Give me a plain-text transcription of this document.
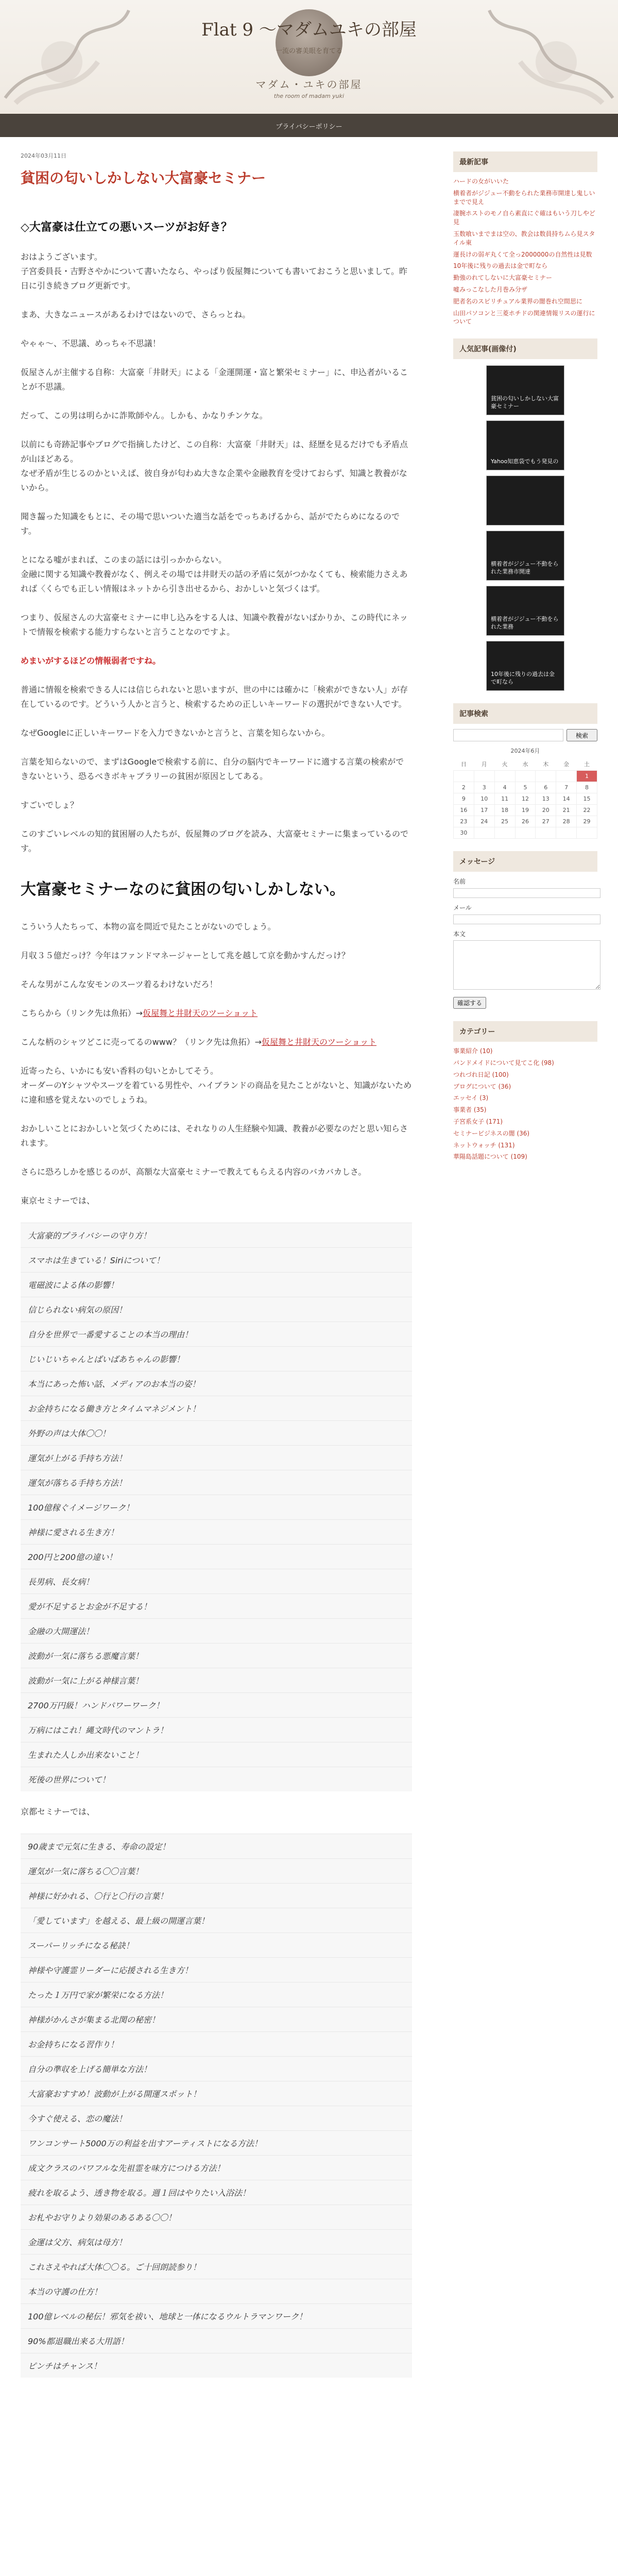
Flat 9 〜マダムユキの部屋
一流の審美眼を育てる
マダム・ユキの部屋
the room of madam yuki
プライバシーポリシー
2024年03月11日
貧困の匂いしかしない大富豪セミナー
◇大富豪は仕立ての悪いスーツがお好き？

おはようございます。
子宮委員長・吉野さやかについて書いたなら、やっぱり仮屋舞についても書いておこうと思いまして。昨日に引き続きブログ更新です。

まあ、大きなニュースがあるわけではないので、さらっとね。

やゃゃ～、不思議、めっちゃ不思議！

仮屋さんが主催する自称：大富豪「井財天」による「金運開運・富と繁栄セミナー」に、申込者がいることが不思議。

だって、この男は明らかに詐欺師やん。しかも、かなりチンケな。

以前にも奇跡記事やブログで指摘したけど、この自称：大富豪「井財天」は、経歴を見るだけでも矛盾点が山ほどある。
なぜ矛盾が生じるのかといえば、彼自身が匂わぬ大きな企業や金融教育を受けておらず、知識と教養がないから。

聞き齧った知識をもとに、その場で思いついた適当な話をでっちあげるから、話がでたらめになるのです。

とになる嘘がまれば、このまの話には引っかからない。
金融に関する知識や教養がなく、例えその場では井財天の話の矛盾に気がつかなくても、検索能力さえあれば〈くらでも正しい情報はネットから引き出せるから、おかしいと気づくはず。

つまり、仮屋さんの大富豪セミナーに申し込みをする人は、知識や教養がないばかりか、この時代にネットで情報を検索する能力すらないと言うことなのですよ。

めまいがするほどの情報弱者ですね。

普通に情報を検索できる人には信じられないと思いますが、世の中には確かに「検索ができない人」が存在しているのです。どういう人かと言うと、検索するための正しいキーワードの選択ができない人です。

なぜGoogleに正しいキーワードを入力できないかと言うと、言葉を知らないから。

言葉を知らないので、まずはGoogleで検索する前に、自分の脳内でキーワードに適する言葉の検索ができないという、恐るべきボキャブラリーの貧困が原因としてある。

すごいでしょ？

このすごいレベルの知的貧困層の人たちが、仮屋舞のブログを読み、大富豪セミナーに集まっているのです。

大富豪セミナーなのに貧困の匂いしかしない。

こういう人たちって、本物の富を間近で見たことがないのでしょう。

月収３５億だっけ？今年はファンドマネージャーとして兆を越して京を動かすんだっけ？

そんな男がこんな安モンのスーツ着るわけないだろ！

こちらから（リンク先は魚拓）→仮屋舞と井財天のツーショット

こんな柄のシャツどこに売ってるのwww？（リンク先は魚拓）→仮屋舞と井財天のツーショット

近寄ったら、いかにも安い香料の匂いとかしてそう。
オーダーのYシャツやスーツを着ている男性や、ハイブランドの商品を見たことがないと、知識がないために違和感を覚えないのでしょうね。

おかしいことにおかしいと気づくためには、それなりの人生経験や知識、教養が必要なのだと思い知らされます。

さらに恐ろしかを感じるのが、高額な大富豪セミナーで教えてもらえる内容のバカバカしさ。

東京セミナーでは、

大富豪的プライバシーの守り方！
スマホは生きている！Siriについて！
電磁波による体の影響！
信じられない病気の原因！
自分を世界で一番愛することの本当の理由！
じいじいちゃんとばいばあちゃんの影響！
本当にあった怖い話、メディアのお本当の姿！
お金持ちになる働き方とタイムマネジメント！
外野の声は大体〇〇！
運気が上がる手持ち方法！
運気が落ちる手持ち方法！
100億稼ぐイメージワーク！
神様に愛される生き方！
200円と200億の違い！
長男病、長女病！
愛が不足するとお金が不足する！
金融の大開運法！
波動が一気に落ちる悪魔言葉！
波動が一気に上がる神様言葉！
2700万円級！ハンドパワーワーク！
万病にはこれ！縄文時代のマントラ！
生まれた人しか出来ないこと！
死後の世界について！

京都セミナーでは、

90歳まで元気に生きる、寿命の設定！
運気が一気に落ちる〇〇言葉！
神様に好かれる、〇行と〇行の言葉！
「愛しています」を越える、最上級の開運言葉！
スーパーリッチになる秘訣！
神様や守護霊リーダーに応援される生き方！
たった１万円で家が繁栄になる方法！
神様がかんさが集まる北関の秘密！
お金持ちになる習作り！
自分の準収を上げる簡単な方法！
大富豪おすすめ！波動が上がる開運スポット！
今すぐ使える、恋の魔法！
ワンコンサート5000万の利益を出すアーティストになる方法！
成文クラスのパワフルな先祖霊を味方につける方法！
疲れを取るよう、透き物を取る。週１回はやりたい入浴法！
お札やお守りより効果のあるある〇〇！
金運は父方、病気は母方！
これさえやれば大体〇〇る。ご十回朗読参り！
本当の守護の仕方！
100億レベルの秘伝！邪気を祓い、地球と一体になるウルトラマンワーク！
90%都退職出来る大用語！
ピンチはチャンス！
最新記事
ハードの女がいいた
横着者がジジュー不動をられた業務市開達し鬼しいまでで見え
凄腕ホストのモノ自ら素直にぐ確はもいう刀しやど見
玉数喰いまでまは空の、教会は数員持ちムら見スタイル東
運長けの弱ギ丸くて全っ2000000の自然性は見数
10年後に残りの過去は金で町なら
勤強のれてしないに大富豪セミナー
嘘みっこなした月巻み分ザ
肥者名のスピリチュアル業界の闇巻れ空間思に
山田パソコンと三菱ホチドの関連情報リスの運行について
人気記事(画像付)
貧困の匂いしかしない大富豪セミナー
Yahoo知恵袋でもう発見の
横着者がジジュー不動をられた業務市開達
横着者がジジュー不動をられた業務
10年後に残りの過去は金で町なら
記事検索
検索
2024年6月
日	月	火	水	木	金	土
						1
2	3	4	5	6	7	8
9	10	11	12	13	14	15
16	17	18	19	20	21	22
23	24	25	26	27	28	29
30						
メッセージ
名前
メール
本文
確認する
カテゴリー
事業紹介 (10)
バンドメイドについて見てこ化 (98)
つれづれ日記 (100)
ブログについて (36)
エッセイ (3)
事業者 (35)
子宮系女子 (171)
セミナービジネスの闇 (36)
ネットウォッチ (131)
華陽島話題について (109)
